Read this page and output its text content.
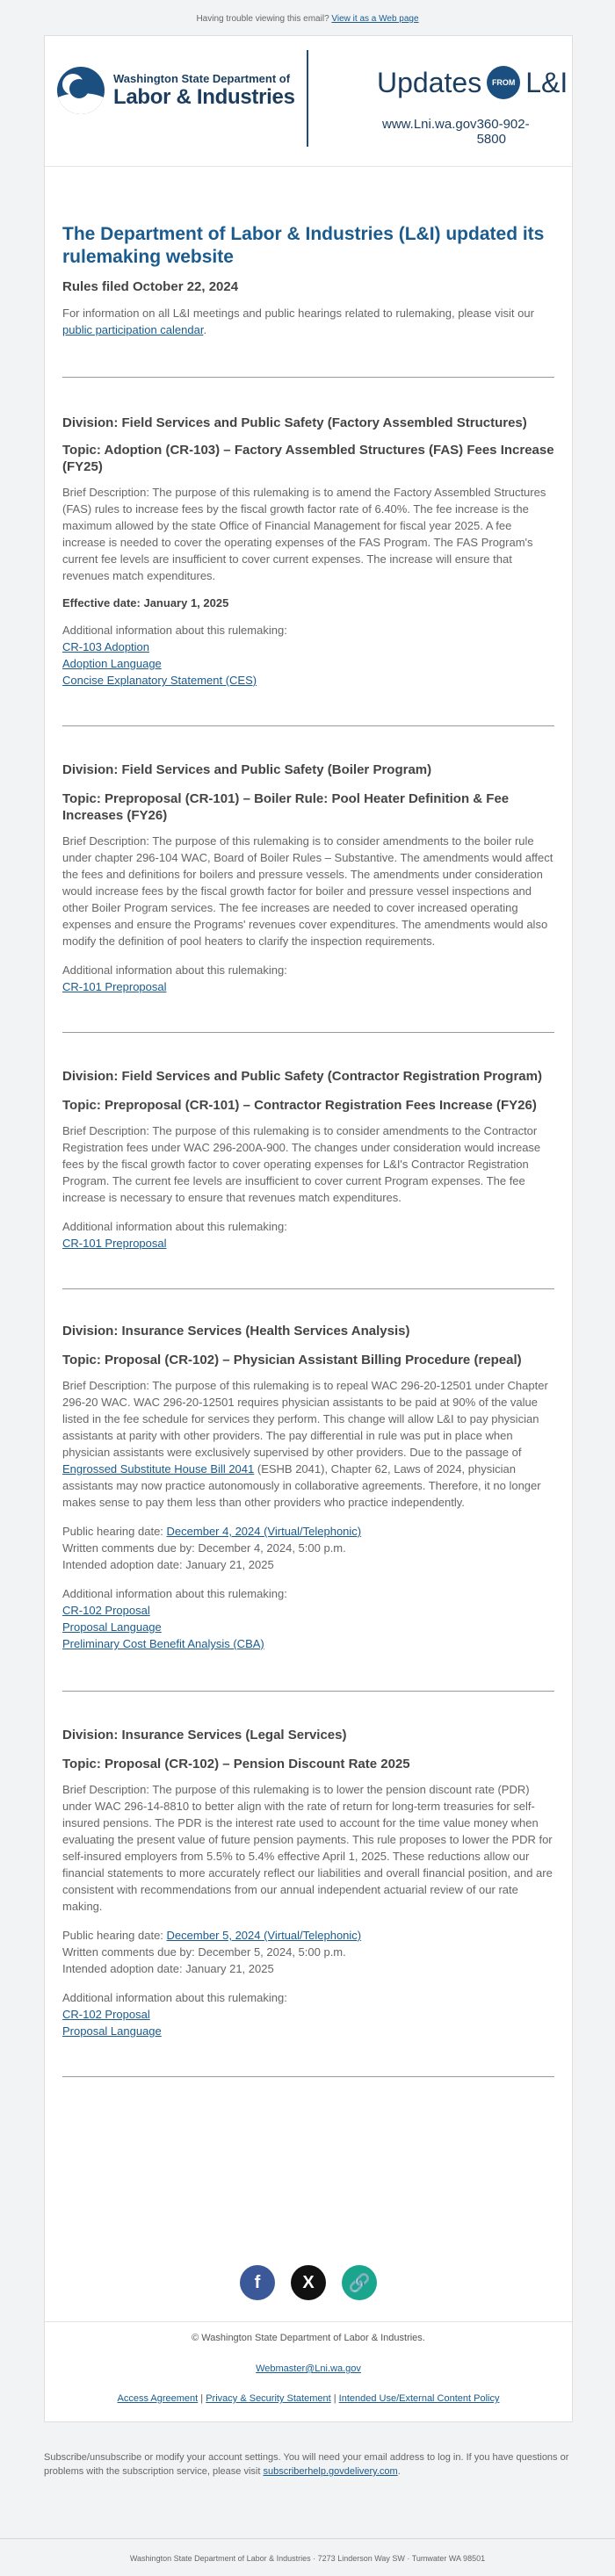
Having trouble viewing this email? View it as a Web page
Washington State Department of
Labor & Industries	Updates	FROM L&I
www.Lni.wa.gov 360-902-5800
The Department of Labor & Industries (L&I) updated its rulemaking website
Rules filed October 22, 2024
For information on all L&I meetings and public hearings related to rulemaking, please visit our public participation calendar.
Division: Field Services and Public Safety (Factory Assembled Structures)
Topic: Adoption (CR-103) – Factory Assembled Structures (FAS) Fees Increase (FY25)
Brief Description: The purpose of this rulemaking is to amend the Factory Assembled Structures (FAS) rules to increase fees by the fiscal growth factor rate of 6.40%. The fee increase is the maximum allowed by the state Office of Financial Management for fiscal year 2025. A fee increase is needed to cover the operating expenses of the FAS Program. The FAS Program's current fee levels are insufficient to cover current expenses. The increase will ensure that revenues match expenditures.
Effective date: January 1, 2025
Additional information about this rulemaking:
CR-103 Adoption
Adoption Language
Concise Explanatory Statement (CES)
Division: Field Services and Public Safety (Boiler Program)
Topic: Preproposal (CR-101) – Boiler Rule: Pool Heater Definition & Fee Increases (FY26)
Brief Description: The purpose of this rulemaking is to consider amendments to the boiler rule under chapter 296-104 WAC, Board of Boiler Rules – Substantive. The amendments would affect the fees and definitions for boilers and pressure vessels. The amendments under consideration would increase fees by the fiscal growth factor for boiler and pressure vessel inspections and other Boiler Program services. The fee increases are needed to cover increased operating expenses and ensure the Programs' revenues cover expenditures. The amendments would also modify the definition of pool heaters to clarify the inspection requirements.
Additional information about this rulemaking:
CR-101 Preproposal
Division: Field Services and Public Safety (Contractor Registration Program)
Topic: Preproposal (CR-101) – Contractor Registration Fees Increase (FY26)
Brief Description: The purpose of this rulemaking is to consider amendments to the Contractor Registration fees under WAC 296-200A-900. The changes under consideration would increase fees by the fiscal growth factor to cover operating expenses for L&I's Contractor Registration Program. The current fee levels are insufficient to cover current Program expenses. The fee increase is necessary to ensure that revenues match expenditures.
Additional information about this rulemaking:
CR-101 Preproposal
Division: Insurance Services (Health Services Analysis)
Topic: Proposal (CR-102) – Physician Assistant Billing Procedure (repeal)
Brief Description: The purpose of this rulemaking is to repeal WAC 296-20-12501 under Chapter 296-20 WAC. WAC 296-20-12501 requires physician assistants to be paid at 90% of the value listed in the fee schedule for services they perform. This change will allow L&I to pay physician assistants at parity with other providers. The pay differential in rule was put in place when physician assistants were exclusively supervised by other providers. Due to the passage of Engrossed Substitute House Bill 2041 (ESHB 2041), Chapter 62, Laws of 2024, physician assistants may now practice autonomously in collaborative agreements. Therefore, it no longer makes sense to pay them less than other providers who practice independently.
Public hearing date: December 4, 2024 (Virtual/Telephonic)
Written comments due by: December 4, 2024, 5:00 p.m.
Intended adoption date: January 21, 2025
Additional information about this rulemaking:
CR-102 Proposal
Proposal Language
Preliminary Cost Benefit Analysis (CBA)
Division: Insurance Services (Legal Services)
Topic: Proposal (CR-102) – Pension Discount Rate 2025
Brief Description: The purpose of this rulemaking is to lower the pension discount rate (PDR) under WAC 296-14-8810 to better align with the rate of return for long-term treasuries for self-insured pensions. The PDR is the interest rate used to account for the time value money when evaluating the present value of future pension payments. This rule proposes to lower the PDR for self-insured employers from 5.5% to 5.4% effective April 1, 2025. These reductions allow our financial statements to more accurately reflect our liabilities and overall financial position, and are consistent with recommendations from our annual independent actuarial review of our rate making.
Public hearing date: December 5, 2024 (Virtual/Telephonic)
Written comments due by: December 5, 2024, 5:00 p.m.
Intended adoption date: January 21, 2025
Additional information about this rulemaking:
CR-102 Proposal
Proposal Language
f	X	🔗
© Washington State Department of Labor & Industries.
Webmaster@Lni.wa.gov
Access Agreement | Privacy & Security Statement | Intended Use/External Content Policy
Subscribe/unsubscribe or modify your account settings. You will need your email address to log in. If you have questions or problems with the subscription service, please visit subscriberhelp.govdelivery.com.
Washington State Department of Labor & Industries · 7273 Linderson Way SW · Tumwater WA 98501
